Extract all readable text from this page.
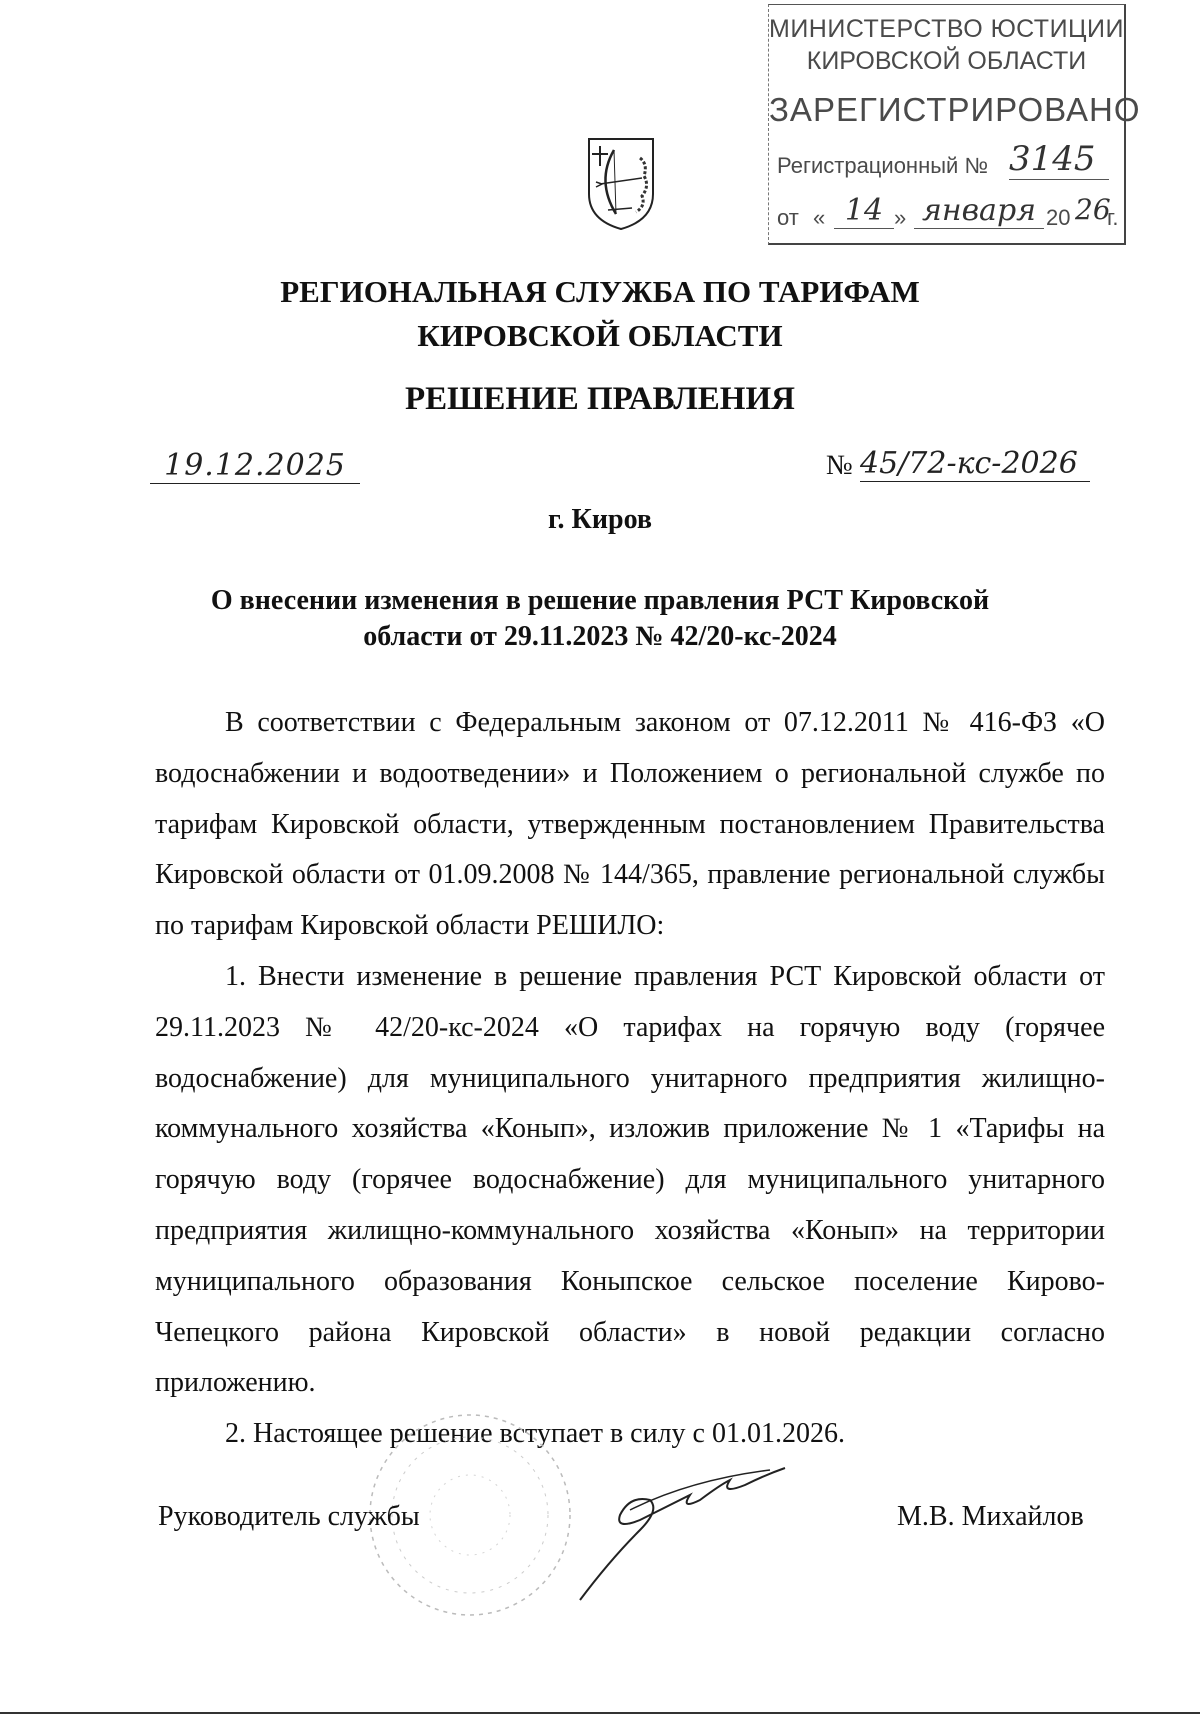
МИНИСТЕРСТВО ЮСТИЦИИ
КИРОВСКОЙ ОБЛАСТИ
ЗАРЕГИСТРИРОВАНО
Регистрационный № 3145
от « 14 » января 20 26
г.
РЕГИОНАЛЬНАЯ СЛУЖБА ПО ТАРИФАМ
КИРОВСКОЙ ОБЛАСТИ
РЕШЕНИЕ ПРАВЛЕНИЯ
19.12.2025	№ 45/72-кс-2026
г. Киров
О внесении изменения в решение правления РСТ Кировской
области от 29.11.2023 № 42/20-кс-2024

В соответствии с Федеральным законом от 07.12.2011 № 416-ФЗ «О водоснабжении и водоотведении» и Положением о региональной службе по тарифам Кировской области, утвержденным постановлением Правительства Кировской области от 01.09.2008 № 144/365, правление региональной службы по тарифам Кировской области РЕШИЛО:

1. Внести изменение в решение правления РСТ Кировской области от 29.11.2023 № 42/20-кс-2024 «О тарифах на горячую воду (горячее водоснабжение) для муниципального унитарного предприятия жилищно-коммунального хозяйства «Конып», изложив приложение № 1 «Тарифы на горячую воду (горячее водоснабжение) для муниципального унитарного предприятия жилищно-коммунального хозяйства «Конып» на территории муниципального образования Коныпское сельское поселение Кирово-Чепецкого района Кировской области» в новой редакции согласно приложению.

2. Настоящее решение вступает в силу с 01.01.2026.

Руководитель службы	М.В. Михайлов
